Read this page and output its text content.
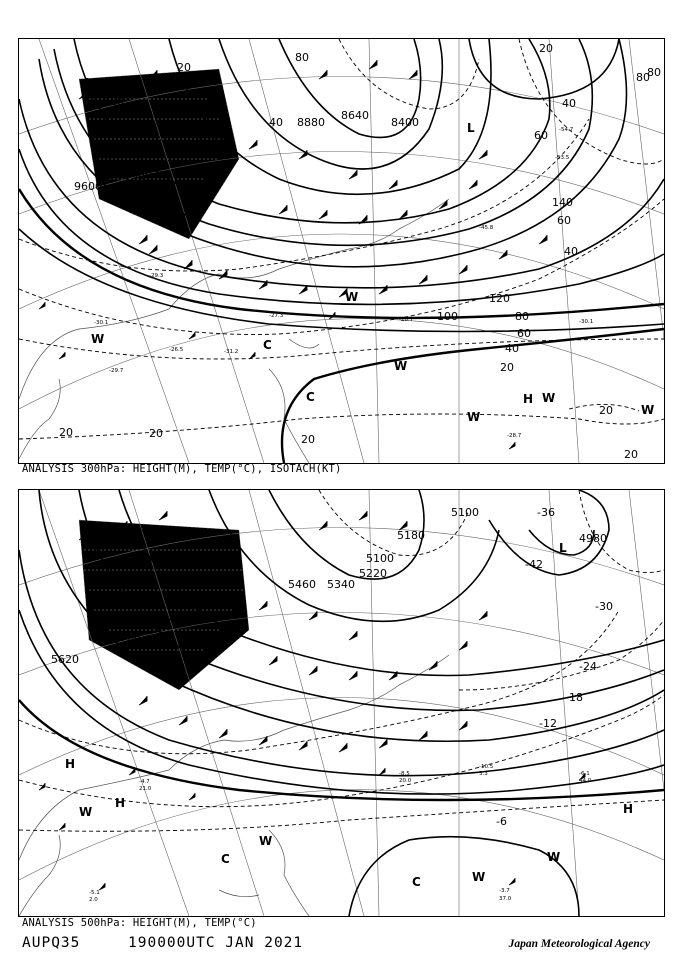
-54.7
-53.5
-45.8
-29.3
-28.7	-30.1
-29.7
-30.1
-28.7
-31.2
-27.3
-26.5
9120
9360
9600
8880
8640
8400
140
120
100
80
40
20
40
60
80
120
100	80
60
40
20
20
60
140
20
40
80
20	20	20
20
L
C
C
W
W
W
W
H W
W
ANALYSIS 300hPa: HEIGHT(M), TEMP(°C), ISOTACH(KT)
5100
5100
5220
5340
5460
5580
5620
5700
4980
5180
-42
-36
-30
-24
-18
-12
-6
-8.5
20.0
-10.5
3.3	-6.1
44.0
-3.7
37.0
-4.7
21.0
-5.1
2.0
L
H
H	H
C
C
W
W
W
W
ANALYSIS 500hPa: HEIGHT(M), TEMP(°C)
AUPQ35	190000UTC JAN 2021	Japan Meteorological Agency
